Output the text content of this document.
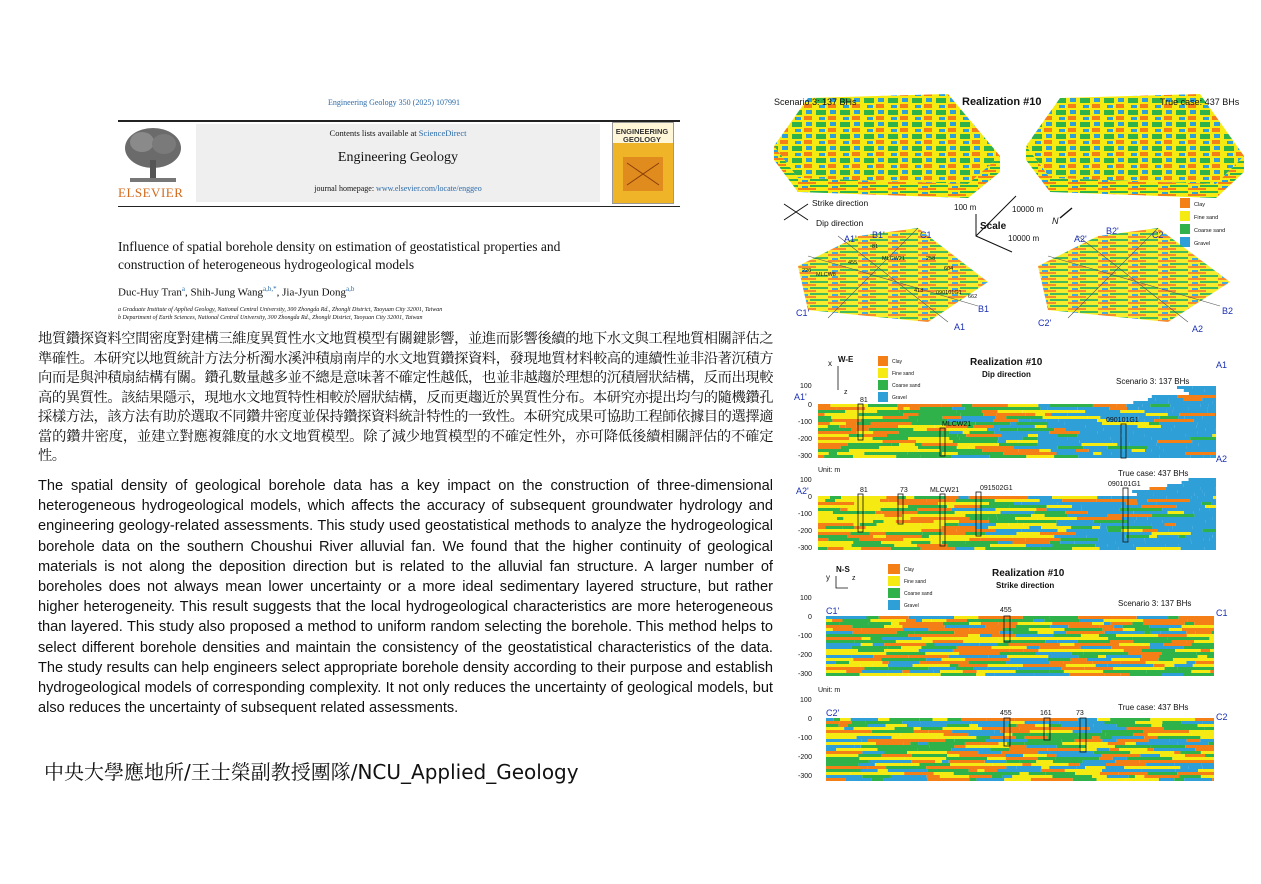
Engineering Geology 350 (2025) 107991
ELSEVIER
Contents lists available at ScienceDirect
Engineering Geology
journal homepage: www.elsevier.com/locate/enggeo
ENGINEERING GEOLOGY
Influence of spatial borehole density on estimation of geostatistical properties and construction of heterogeneous hydrogeological models
Duc-Huy Tran$^a$, Shih-Jung Wang$^{a,b,*}$, Jia-Jyun Dong$^{a,b}$
a Graduate Institute of Applied Geology, National Central University, 300 Zhongda Rd., Zhongli District, Taoyuan City 32001, Taiwan
b Department of Earth Sciences, National Central University, 300 Zhongda Rd., Zhongli District, Taoyuan City 32001, Taiwan
地質鑽探資料空間密度對建構三維度異質性水文地質模型有關鍵影響，並進而影響後續的地下水文與工程地質相關評估之準確性。本研究以地質統計方法分析濁水溪沖積扇南岸的水文地質鑽探資料，發現地質材料較高的連續性並非沿著沉積方向而是與沖積扇結構有關。鑽孔數量越多並不總是意味著不確定性越低，也並非越趨於理想的沉積層狀結構，反而出現較高的異質性。該結果隱示，現地水文地質特性相較於層狀結構，反而更趨近於異質性分布。本研究亦提出均勻的隨機鑽孔採樣方法，該方法有助於選取不同鑽井密度並保持鑽探資料統計特性的一致性。本研究成果可協助工程師依據目的選擇適當的鑽井密度，並建立對應複雜度的水文地質模型。除了減少地質模型的不確定性外，亦可降低後續相關評估的不確定性。
The spatial density of geological borehole data has a key impact on the construction of three-dimensional heterogeneous hydrogeological models, which affects the accuracy of subsequent groundwater hydrology and engineering geology-related assessments. This study used geostatistical methods to analyze the hydrogeological borehole data on the southern Choushui River alluvial fan. We found that the higher continuity of geological materials is not along the deposition direction but is related to the alluvial fan structure. A larger number of boreholes does not always mean lower uncertainty or a more ideal sedimentary layered structure, but rather higher heterogeneity. This result suggests that the local hydrogeological characteristics are more heterogeneous than layered. This study also proposed a method to uniform random selecting the borehole. This method helps to select different borehole densities and maintain the consistency of the geostatistical characteristics of the data. The study results can help engineers select appropriate borehole density according to their purpose and establish hydrogeological models of corresponding complexity. It not only reduces the uncertainty of geological models, but also reduces the uncertainty of subsequent related assessments.
中央大學應地所/王士榮副教授團隊/NCU_Applied_Geology
Scenario 3: 137 BHs	Realization #10	True case: 437 BHs
Strike direction
Dip direction
100 m
Scale
10000 m
10000 m
N
Clay
Fine sand
Coarse sand
Gravel
A1' B1'	C1
C1'	B1
A1
A2'
B2'	C2
C2'
B2
A2
81
226
455
MLCW21	258
604
MLCW8
413 090101G1
662
x W-E
z
Clay
Fine sand
Coarse sand
Gravel
Realization #10
Dip direction
Scenario 3: 137 BHs
True case: 437 BHs
Unit: m
A1'
A1
A2'
A2
100
0
-100
-200
-300
100
0
-100
-200
-300
81
MLCW21
090101G1
81	73	MLCW21	091502G1
090101G1
y
N-S
z
Clay
Fine sand
Coarse sand
Gravel
Realization #10
Strike direction
Scenario 3: 137 BHs
True case: 437 BHs
Unit: m
C1'	C1
C2'	C2
100
0
-100
-200
-300
100
0
-100
-200
-300
455
455	161	73
